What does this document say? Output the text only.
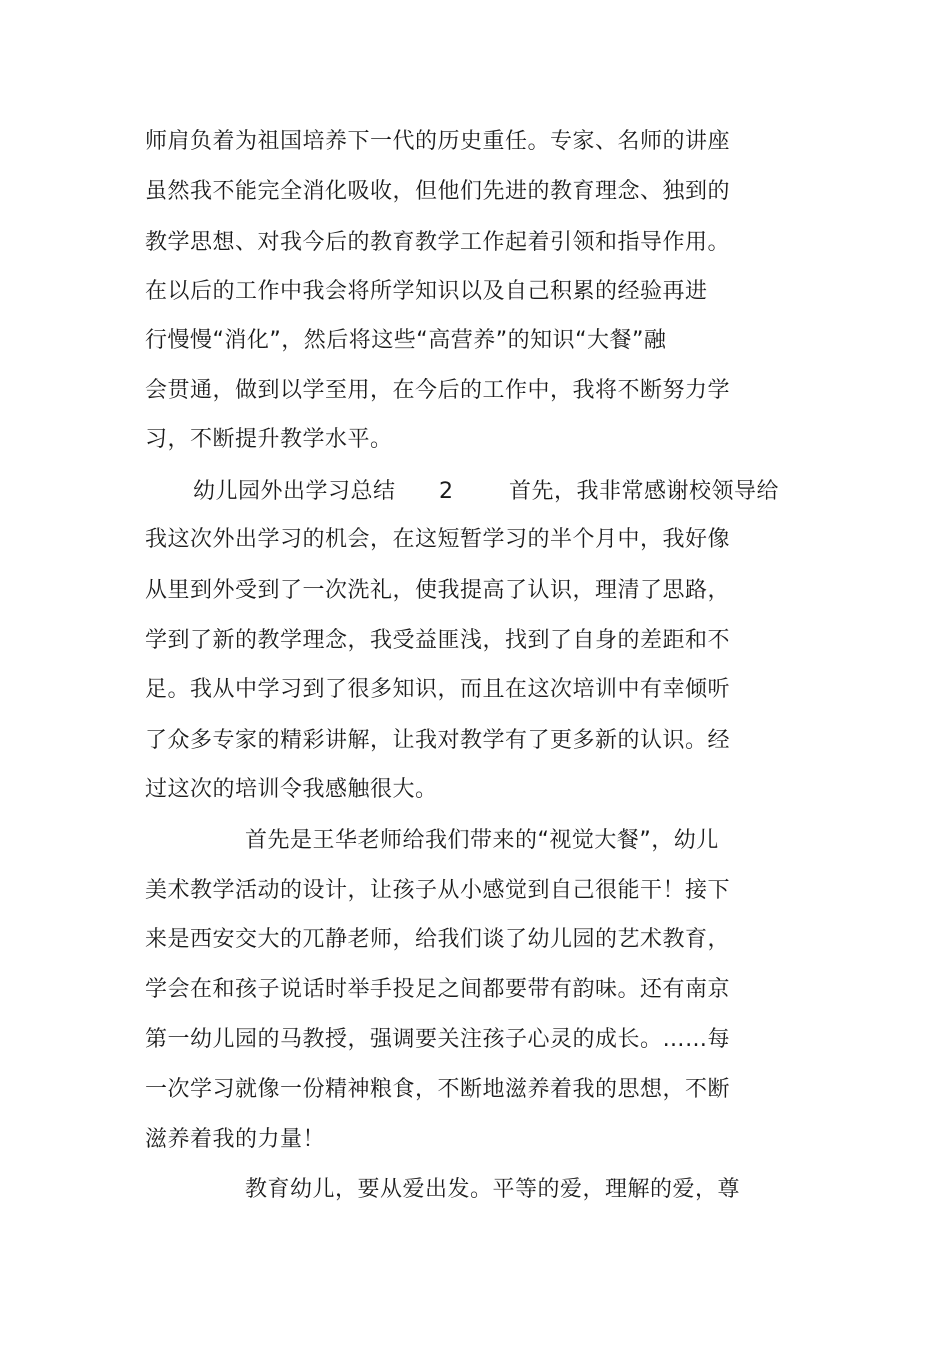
师肩负着为祖国培养下一代的历史重任。专家、名师的讲座
虽然我不能完全消化吸收，但他们先进的教育理念、独到的
教学思想、对我今后的教育教学工作起着引领和指导作用。
在以后的工作中我会将所学知识以及自己积累的经验再进
行慢慢“消化”，然后将这些“高营养”的知识“大餐”融
会贯通，做到以学至用，在今后的工作中，我将不断努力学
习，不断提升教学水平。
幼儿园外出学习总结 2	首先，我非常感谢校领导给
我这次外出学习的机会，在这短暂学习的半个月中，我好像
从里到外受到了一次洗礼，使我提高了认识，理清了思路，
学到了新的教学理念，我受益匪浅，找到了自身的差距和不
足。我从中学习到了很多知识，而且在这次培训中有幸倾听
了众多专家的精彩讲解，让我对教学有了更多新的认识。经
过这次的培训令我感触很大。
首先是王华老师给我们带来的“视觉大餐”，幼儿
美术教学活动的设计，让孩子从小感觉到自己很能干！接下
来是西安交大的兀静老师，给我们谈了幼儿园的艺术教育，
学会在和孩子说话时举手投足之间都要带有韵味。还有南京
第一幼儿园的马教授，强调要关注孩子心灵的成长。……每
一次学习就像一份精神粮食，不断地滋养着我的思想，不断
滋养着我的力量！
教育幼儿，要从爱出发。平等的爱，理解的爱，尊
